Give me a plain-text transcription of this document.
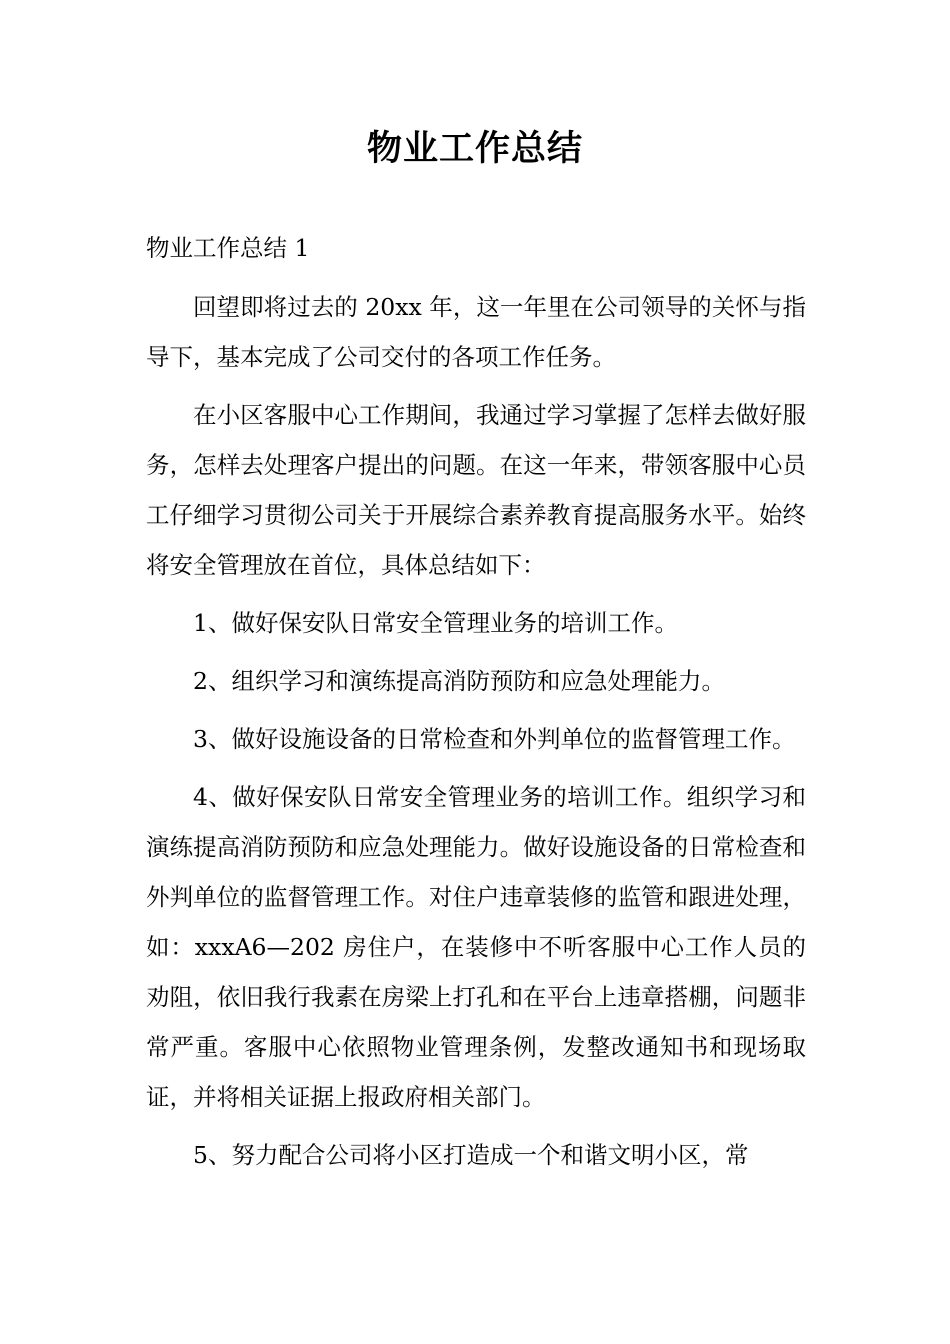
物业工作总结
物业工作总结 1

回望即将过去的 20xx 年，这一年里在公司领导的关怀与指导下，基本完成了公司交付的各项工作任务。

在小区客服中心工作期间，我通过学习掌握了怎样去做好服务，怎样去处理客户提出的问题。在这一年来，带领客服中心员工仔细学习贯彻公司关于开展综合素养教育提高服务水平。始终将安全管理放在首位，具体总结如下：

1、做好保安队日常安全管理业务的培训工作。

2、组织学习和演练提高消防预防和应急处理能力。

3、做好设施设备的日常检查和外判单位的监督管理工作。

4、做好保安队日常安全管理业务的培训工作。组织学习和演练提高消防预防和应急处理能力。做好设施设备的日常检查和外判单位的监督管理工作。对住户违章装修的监管和跟进处理，如：xxxA6—202 房住户，在装修中不听客服中心工作人员的劝阻，依旧我行我素在房梁上打孔和在平台上违章搭棚，问题非常严重。客服中心依照物业管理条例，发整改通知书和现场取证，并将相关证据上报政府相关部门。

5、努力配合公司将小区打造成一个和谐文明小区，常
